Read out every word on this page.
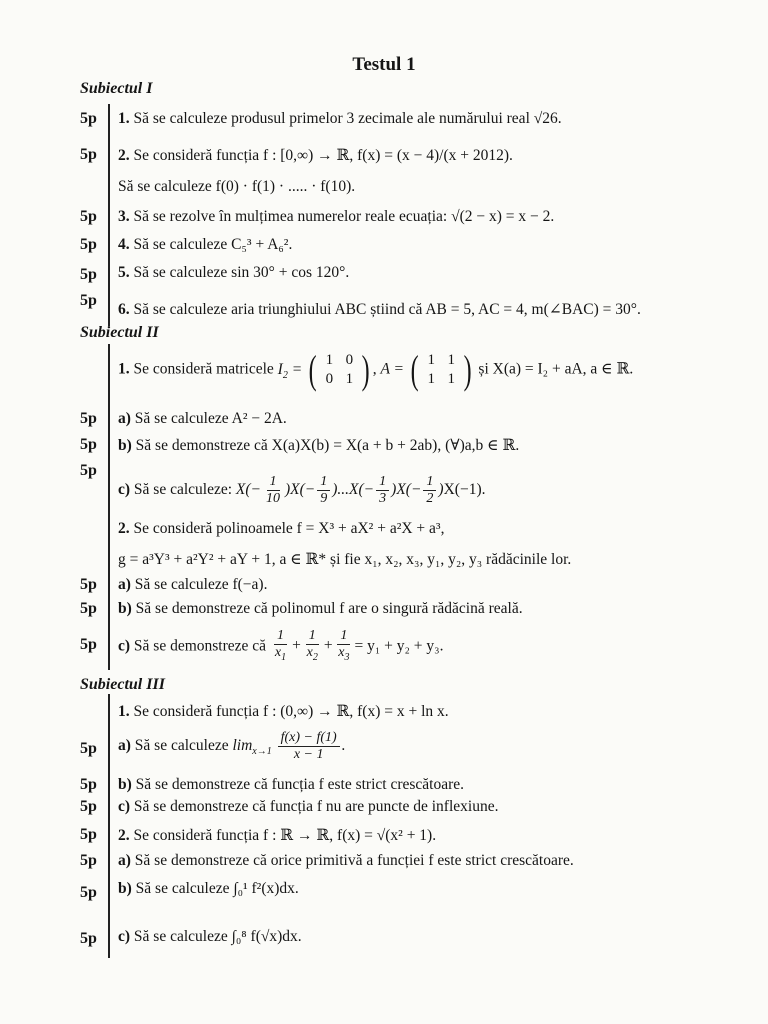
Testul 1
Subiectul I
5p 1. Să se calculeze produsul primelor 3 zecimale ale numărului real √26.
5p 2. Se consideră funcția f : [0,∞) → ℝ, f(x) = (x − 4)/(x + 2012).
Să se calculeze f(0) · f(1) · ..... · f(10).
5p 3. Să se rezolve în mulțimea numerelor reale ecuația: √(2 − x) = x − 2.
5p 4. Să se calculeze C₅³ + A₆².
5p 5. Să se calculeze sin 30° + cos 120°.
5p
6. Să se calculeze aria triunghiului ABC știind că AB = 5, AC = 4, m(∠BAC) = 30°.
Subiectul II
1. Se consideră matricele $I_2$ = ( 1 0
0 1 ) , A = ( 1 1
1 1 ) și X(a) = I₂ + aA, a ∈ ℝ.
5p a) Să se calculeze A² − 2A.
5p b) Să se demonstreze că X(a)X(b) = X(a + b + 2ab), (∀)a,b ∈ ℝ.
5p
c) Să se calculeze: $X(- \frac{1}{10} )X(- \frac{1}{9} )...X(- \frac{1}{3} )X(- \frac{1}{2} )X(-1)$.
2. Se consideră polinoamele f = X³ + aX² + a²X + a³,
g = a³Y³ + a²Y² + aY + 1, a ∈ ℝ* și fie x₁, x₂, x₃, y₁, y₂, y₃ rădăcinile lor.
5p a) Să se calculeze f(−a).
5p b) Să se demonstreze că polinomul f are o singură rădăcină reală.
5p c) Să se demonstreze că $\frac{1}{x_1} + \frac{1}{x_2} + \frac{1}{x_3} = y_1 + y_2 + y_3$.
Subiectul III
1. Se consideră funcția f : (0,∞) → ℝ, f(x) = x + ln x.
5p a) Să se calculeze $\lim_{x\to 1} \frac{f(x) - f(1)}{x - 1}$ .
5p b) Să se demonstreze că funcția f este strict crescătoare.
5p c) Să se demonstreze că funcția f nu are puncte de inflexiune.
5p 2. Se consideră funcția f : ℝ → ℝ, f(x) = √(x² + 1).
5p a) Să se demonstreze că orice primitivă a funcției f este strict crescătoare.
5p b) Să se calculeze ∫₀¹ f²(x)dx.
5p c) Să se calculeze ∫₀⁸ f(√x)dx.
